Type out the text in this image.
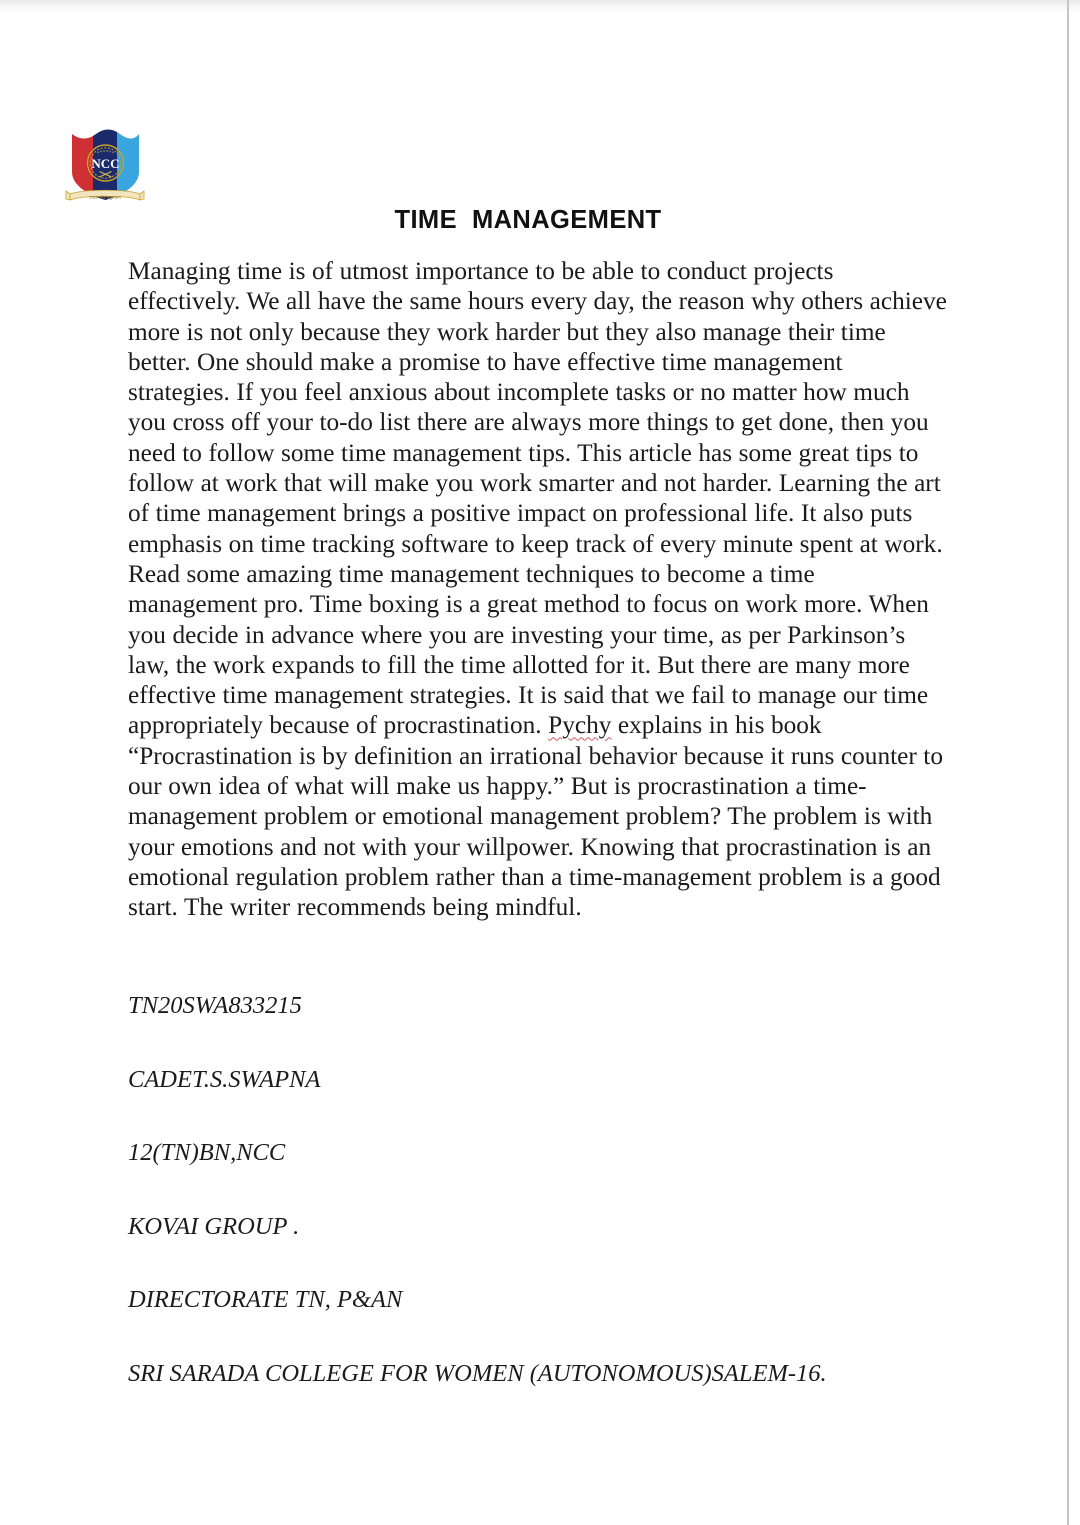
NCC
एकता और अनुशासन
TIME  MANAGEMENT

Managing time is of utmost importance to be able to conduct projects effectively. We all have the same hours every day, the reason why others achieve more is not only because they work harder but they also manage their time better. One should make a promise to have effective time management strategies. If you feel anxious about incomplete tasks or no matter how much you cross off your to-do list there are always more things to get done, then you need to follow some time management tips. This article has some great tips to follow at work that will make you work smarter and not harder. Learning the art of time management brings a positive impact on professional life. It also puts emphasis on time tracking software to keep track of every minute spent at work. Read some amazing time management techniques to become a time management pro. Time boxing is a great method to focus on work more. When you decide in advance where you are investing your time, as per Parkinson’s law, the work expands to fill the time allotted for it. But there are many more effective time management strategies. It is said that we fail to manage our time appropriately because of procrastination. Pychy explains in his book “Procrastination is by definition an irrational behavior because it runs counter to our own idea of what will make us happy.” But is procrastination a time-management problem or emotional management problem? The problem is with your emotions and not with your willpower. Knowing that procrastination is an emotional regulation problem rather than a time-management problem is a good start. The writer recommends being mindful.

TN20SWA833215
CADET.S.SWAPNA
12(TN)BN,NCC
KOVAI GROUP .
DIRECTORATE TN, P&AN
SRI SARADA COLLEGE FOR WOMEN (AUTONOMOUS)SALEM-16.
